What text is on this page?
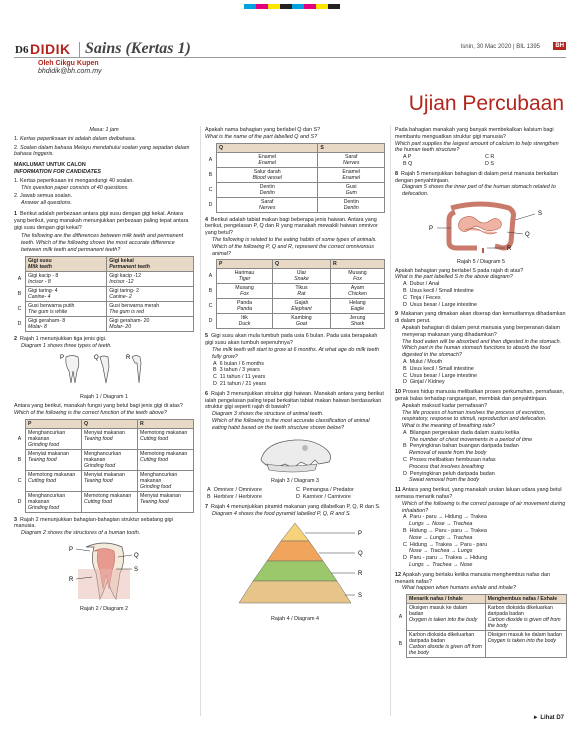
D6 DIDIK Sains (Kertas 1)	Isnin, 30 Mac 2020 | BIL 1395	BH
Oleh Cikgu Kupen
bhdidik@bh.com.my
Ujian Percubaan

Masa: 1 jam

1. Kertas peperiksaan ini adalah dalam dwibahasa.

2. Soalan dalam bahasa Melayu mendahului soalan yang sepadan dalam bahasa Inggeris.

MAKLUMAT UNTUK CALON

INFORMATION FOR CANDIDATES

1. Kertas peperiksaan ini mengandungi 40 soalan.

This question paper consists of 40 questions.

2. Jawab semua soalan.

Answer all questions.

1  Berikut adalah perbezaan antara gigi susu dengan gigi kekal. Antara yang berikut, yang manakah menunjukkan perbezaan paling tepat antara gigi susu dengan gigi kekal?

The following are the differences between milk teeth and permanent teeth. Which of the following shows the most accurate difference between milk teeth and permanent teeth?

	Gigi susu
Milk teeth	Gigi kekal
Permanent teeth
A	Gigi kacip - 8
Incisor - 8	Gigi kacip -12
Incisor -12
B	Gigi taring- 4
Canine- 4	Gigi taring- 2
Canine- 2
C	Gusi berwarna putih
The gum is white	Gusi berwarna merah
The gum is red
D	Gigi geraham- 8
Molar- 8	Gigi geraham- 20
Molar- 20

2  Rajah 1 menunjukkan tiga jenis gigi.

Diagram 1 shows three types of teeth.

P	Q	R
Rajah 1 / Diagram 1

Antara yang berikut, manakah fungsi yang betul bagi jenis gigi di atas?

Which of the following is the correct function of the teeth above?

	P	Q	R
A	Menghancurkan makanan
Grinding food	Menyiat makanan
Tearing food	Memotong makanan
Cutting food
B	Menyiat makanan
Tearing food	Menghancurkan makanan
Grinding food	Memotong makanan
Cutting food
C	Memotong makanan
Cutting food	Menyiat makanan
Tearing food	Menghancurkan makanan
Grinding food
D	Menghancurkan makanan
Grinding food	Memotong makanan
Cutting food	Menyiat makanan
Tearing food

3  Rajah 2 menunjukkan bahagian-bahagian struktur sebatang gigi manusia.

Diagram 2 shows the structures of a human tooth.

P
Q
S
R
Rajah 2 / Diagram 2

Apakah nama bahagian yang berlabel Q dan S?

What is the name of the part labelled Q and S?

	Q	S
A	Enamel
Enamel	Saraf
Nerves
B	Salur darah
Blood vessel	Enamel
Enamel
C	Dentin
Dentin	Gusi
Gum
D	Saraf
Nerves	Dentin
Dentin

4  Berikut adalah tabiat makan bagi beberapa jenis haiwan. Antara yang berikut, pengelasan P, Q dan R yang manakah mewakili haiwan omnivor yang betul?

The following is related to the eating habits of some types of animals. Which of the following P, Q and R, represent the correct omnivorous animal?

	P	Q	R
A	Harimau
Tiger	Ular
Snake	Musang
Fox
B	Musang
Fox	Tikus
Rat	Ayam
Chicken
C	Panda
Panda	Gajah
Elephant	Helang
Eagle
D	Itik
Duck	Kambing
Goat	Jerung
Shark

5  Gigi susu akan mula tumbuh pada usia 6 bulan. Pada usia berapakah gigi susu akan tumbuh sepenuhnya?

The milk teeth will start to grow at 6 months. At what age do milk teeth fully grow?

A 6 bulan / 6 months
B 3 tahun / 3 years
C 11 tahun / 11 years
D 21 tahun / 21 years

6  Rajah 3 menunjukkan struktur gigi haiwan. Manakah antara yang berikut ialah pengelasan paling tepat berkaitan tabiat makan haiwan berdasarkan struktur gigi seperti rajah di bawah?

Diagram 3 shows the structure of animal teeth.

Which of the following is the most accurate classification of animal eating habit based on the teeth structure shown below?

Rajah 3 / Diagram 3
A Omnivor / Omnivore	C Pemangsa / Predator
B Herbivor / Herbivore	D Karnivor / Carnivore

7  Rajah 4 menunjukkan piramid makanan yang dilabelkan P, Q, R dan S.

Diagram 4 shows the food pyramid labelled P, Q, R and S.

P
Q
R
S
Rajah 4 / Diagram 4

Pada bahagian manakah yang banyak membekalkan kalsium bagi membantu menguatkan struktur gigi manusia?

Which part supplies the largest amount of calcium to help strengthen the human teeth structure?

A P	C R
B Q	D S

8  Rajah 5 menunjukkan bahagian di dalam perut manusia berkaitan dengan penyahtinjaan.

Diagram 5 shows the inner part of the human stomach related to defecation.

S
P
Q
R
Rajah 5 / Diagram 5

Apakah bahagian yang berlabel S pada rajah di atas?

What is the part labelled S in the above diagram?

A Dubur / Anal
B Usus kecil / Small intestine
C Tinja / Feces
D Usus besar / Large intestine

9  Makanan yang dimakan akan diserap dan kemudiannya dihadamkan di dalam perut.

Apakah bahagian di dalam perut manusia yang berperanan dalam menyerap makanan yang dihadamkan?

The food eaten will be absorbed and then digested in the stomach.

Which part in the human stomach functions to absorb the food digested in the stomach?

A Mulut / Mouth
B Usus kecil / Small intestine
C Usus besar / Large intestine
D Ginjal / Kidney

10 Proses hidup manusia melibatkan proses perkumuhan, pernafasan, gerak balas terhadap rangsangan, membiak dan penyahtinjaan.

Apakah maksud kadar pernafasan?

The life process of human involves the process of excretion, respiratory, response to stimuli, reproduction and defecation.

What is the meaning of breathing rate?

A Bilangan pergerakan dada dalam suatu ketika
The number of chest movements in a period of time
B Penyingkiran bahan buangan daripada badan
Removal of waste from the body
C Proses melibatkan hembusan nafas
Process that involves breathing
D Penyingkiran peluh daripada badan
Sweat removal from the body

11 Antara yang berikut, yang manakah urutan laluan udara yang betul semasa menarik nafas?

Which of the following is the correct passage of air movement during inhalation?

A Paru - paru → Hidung → Trakea
Lungs → Nose → Trachea
B Hidung → Paru - paru → Trakea
Nose → Lungs → Trachea
C Hidung → Trakea → Paru - paru
Nose → Trachea → Lungs
D Paru - paru → Trakea → Hidung
Lungs → Trachea → Nose

12 Apakah yang berlaku ketika manusia menghembus nafas dan menarik nafas?

What happen when humans exhale and inhale?

	Menarik nafas / Inhale	Menghembus nafas / Exhale
A	Oksigen masuk ke dalam badan
Oxygen is taken into the body	Karbon dioksida dikeluarkan daripada badan
Carbon dioxide is given off from the body
B	Karbon dioksida dikeluarkan daripada badan
Carbon dioxide is given off from the body	Oksigen masuk ke dalam badan
Oxygen is taken into the body
► Lihat D7
